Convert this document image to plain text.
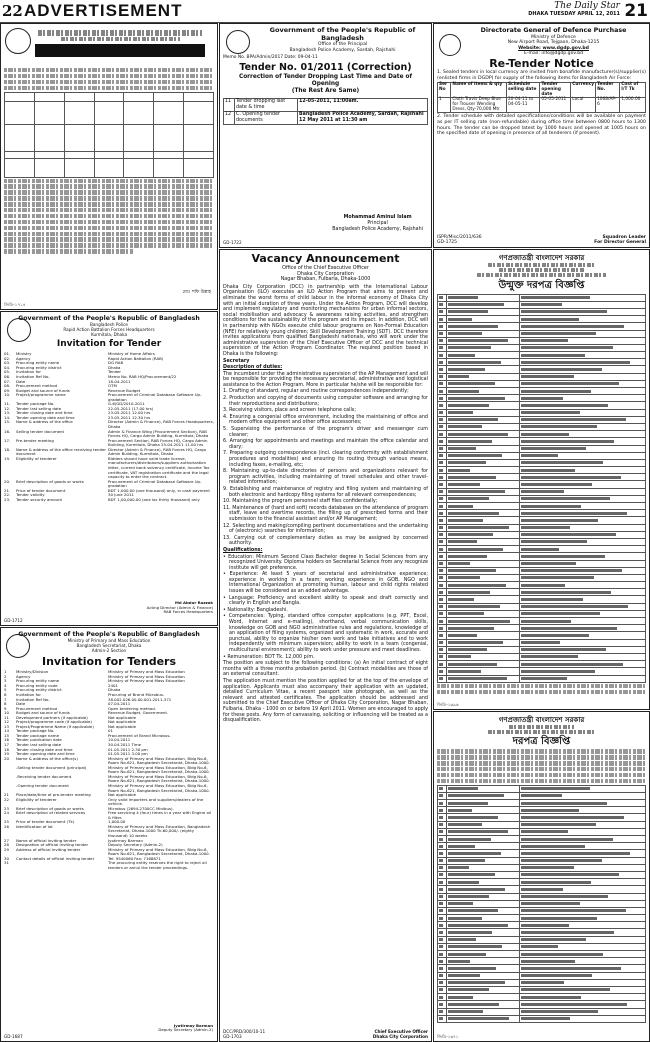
22 ADVERTISEMENT	The Daily Star
DHAKA TUESDAY APRIL 12, 2011 21

মোঃ শফি উল্লাহ
জিডি-১৭১৪
Government of the People's Republic of Bangladesh
Bangladesh Police
Rapid Action Battalion Forces Headquarters
Kurmitola, Dhaka
Invitation for Tender
01.	Ministry	Ministry of Home Affairs
02.	Agency	Rapid Action Battalion (RAB)
03.	Procuring entity name	DG RAB
04.	Procuring entity district	Dhaka
05.	Invitation for	Tender
06.	Invitation Ref No.	Memo No. RAB HQ/Procurement/22
07.	Date	18-04-2011
08.	Procurement method	OTM
09.	Budget and source of funds	Revenue Budget
10.	Project/programme name	Procurement of Criminal Database Software Up-gradation
11.	Tender package No.	G-6/GD/2010-2011
12.	Tender last selling date	22-05-2011 (17.00 hrs)
13.	Tender closing date and time	23-05-2011 12.00 hrs
14.	Tender opening date and time	23-05-2011 12.30 hrs
15.	Name & address of the office	Director (Admin & Finance), RAB Forces Headquarters, Dhaka
16.	Selling tender document	Admin & Finance Wing (Procurement Section), RAB Forces HQ, Cargo Admin Building, Kurmitola, Dhaka
17.	Pre-tender meeting	Procurement Section, RAB Forces HQ, Cargo Admin Building, Kurmitola, Dhaka 25-04-2011 11.00 hrs
18.	Name & address of the office receiving tender document
Director (Admin & Finance), RAB Forces HQ, Cargo Admin Building, Kurmitola, Dhaka
19.	Eligibility of tenderer	Bidders should have valid trade license, manufacturers/distributors/suppliers authorization letter, current bank solvency certificate, Income Tax certificate, VAT registration certificate and the legal capacity to enter the contract.
20.	Brief description of goods or works	Procurement of Criminal Database Software Up-gradation
21.	Price of tender document	BDT 1,000.00 (one thousand) only, in cash payment
22.	Tender validity	30 June 2011
23.	Tender security amount	BDT 1,00,000.00 (one lac thirty thousand) only
Md Abdur Razzak
Acting Director (Admin & Finance)
RAB Forces Headquarters
GD-1712
Government of the People's Republic of Bangladesh
Ministry of Primary and Mass Education
Bangladesh Secretariat, Dhaka
Admin-2 Section
Invitation for Tenders
1	Ministry/Division	Ministry of Primary and Mass Education
2	Agency	Ministry of Primary and Mass Education
3	Procuring entity name	Ministry of Primary and Mass Education
4	Procuring entity code	2401
5	Procuring entity district	Dhaka
6	Invitation for	Procuring of Brand Microbus.
7	Invitation Ref No.	38.002.026.00.00.001.2011-371
8	Date	07.04.2011
9	Procurement method	Open tendering method.
10	Budget and source of funds	Revenue Budget, Government.
11	Development partners (if applicable)	Not applicable
12	Project/programme code (if applicable)	Not applicable
13	Project/Programme Name (if applicable)	Not applicable
14	Tender package No.	01
15	Tender package name	Procurement of Brand Microbus.
16	Tender publication date	10.04.2011
17	Tender last selling date	30.04.2011 Time
18	Tender closing date and time	01.05.2011 2.30 pm
19	Tender opening date and time	01.05.2011 3.00 pm
20	Name & address of the office(s)	Ministry of Primary and Mass Education, Bldg No-6, Room No-621, Bangladesh Secretariat, Dhaka-1000.
-Selling tender document (principal)	Ministry of Primary and Mass Education, Bldg No-6, Room No-621, Bangladesh Secretariat, Dhaka-1000.
-Receiving tender document	Ministry of Primary and Mass Education, Bldg No-6, Room No-621, Bangladesh Secretariat, Dhaka-1000.
-Opening tender document	Ministry of Primary and Mass Education, Bldg No-6, Room No-621, Bangladesh Secretariat, Dhaka-1000.
21	Place/date/time of pre-tender meeting	Not applicable
22	Eligibility of tenderer	Only valid importers and suppliers/dealers of the vehicle.
23	Brief description of goods or works	Microbus (2694-2700CC Minibus).
24	Brief description of related services	Free servicing 4 (four) times in a year with Engine oil & filter.
25	Price of tender document (Tk)	1,000.00
26	Identification of lot	Ministry of Primary and Mass Education, Bangladesh Secretariat, Dhaka-1000 Tk.60,000/- (eighty thousand) 10 weeks
27	Name of official inviting tender	Jyotirmay Barman
28	Designation of official inviting tender	Deputy Secretary (Admin-2)
29	Address of official inviting tender	Ministry of Primary and Mass Education, Bldg No-6, Room No-621, Bangladesh Secretariat, Dhaka-1000.
30	Contact details of official inviting tender	Tel: 9540060 Fax: 7168871
31	The procuring entity reserves the right to reject all tenders or annul the tender proceedings.
Jyotirmay Barman
Deputy Secretary (Admin-2)
GD-1687
Government of the People's Republic of Bangladesh
Office of the Principal
Bangladesh Police Academy, Sardah, Rajshahi
Memo No. BPA/Admin/2017 Date: 09-04-11
Tender No. 01/2011 (Correction)
Correction of Tender Dropping Last Time and Date of Opening
(The Rest Are Same)
11	Tender dropping last date & time	12-05-2011, 11:00am.
12	C. Opening tender documents	Bangladesh Police Academy, Sardah, Rajshahi 12 May 2011 at 11:30 am
Mohammad Aminul Islam
Principal
Bangladesh Police Academy, Rajshahi
GD-1722
Vacancy Announcement
Office of the Chief Executive Officer
Dhaka City Corporation
Nagar Bhaban, Fulbaria, Dhaka-1000

Dhaka City Corporation (DCC) in partnership with the International Labour Organisation (ILO) executes an ILO Action Program that aims to prevent and eliminate the worst forms of child labour in the informal economy of Dhaka City with an initial duration of three years. Under the Action Program, DCC will develop and implement regulatory and monitoring mechanisms for urban informal sectors, social mobilisation and advocacy & awareness raising activities, and strengthen conditions for the sustainability of the program and its impact. In addition, DCC will in partnership with NGOs execute child labour programs on Non-Formal Education (NFE) for relatively young children; Skill Development Training (SDT). DCC therefore invites applications from qualified Bangladeshi nationals, who will work under the administrative supervision of the Chief Executive Officer of DCC and the technical supervision of the Action Program Coordinator. The required position based in Dhaka is the following:

Secretary

Description of duties:

The incumbent under the administrative supervision of the AP Management and will be responsible for providing the necessary secretarial, administrative and logistical assistance to the Action Program. More in particular he/she will be responsible for:

1. Drafting of standard, regular and routine correspondences independently;

2. Production and copying of documents using computer software and arranging for their reproductions and distributions;

3. Receiving visitors, place and screen telephone calls;

4. Ensuring a congenial office environment, including the maintaining of office and modern office equipment and other office accessories;

5. Supervising the performance of the program's driver and messenger cum cleaner;

6. Arranging for appointments and meetings and maintain the office calendar and diary;

7. Preparing outgoing correspondence (incl. clearing conformity with establishment procedures and modalities) and ensuring its routing through various means, including faxes, e-mailing, etc;

8. Maintaining up-to-date directories of persons and organizations relevant for program activities, including maintaining of travel schedules and other travel-related information;

9. Establishing and maintenance of registry and filing system and maintaining of both electronic and hardcopy filing systems for all relevant correspondences;

10. Maintaining the program personnel staff files confidentially;

11. Maintenance of (hard and soft) records databases on the attendance of program staff, leave and overtime records, the filling up of prescribed forms and their submission to the financial assistant and/or AP Management;

12. Selecting and making/compiling pertinent documentations and the undertaking of (electronic) searches for information;

13. Carrying out of complementary duties as may be assigned by concerned authority.

Qualifications:

• Education: Minimum Second Class Bachelor degree in Social Sciences from any recognized University. Diploma holders on Secretarial Science from any recognize institute will get preference.

• Experience: At least 5 years of secretarial and administrative experience; experience in working in a team; working experience in GOB, NGO and International Organization at promoting human, labour and child rights related issues will be considered as an added advantage.

• Language: Proficiency and excellent ability to speak and draft correctly and clearly in English and Bangla.

• Nationality: Bangladeshi.

• Competencies: Typing, standard office computer applications (e.g. PPT, Excel, Word, Internet and e-mailing), shorthand, verbal communication skills, knowledge on GOB and NGO administrative rules and regulations, knowledge of an application of filing systems, organized and systematic in work, accurate and punctual, ability to organize his/her own work and take initiatives and to work independently with minimum supervision; ability to work in a team (congenial, multicultural environment); ability to work under pressure and meet deadlines.

• Remuneration: BDT Tk. 12,000 p/m.

The position are subject to the following conditions: (a) An initial contract of eight months with a three months probation period. (b) Contract modalities are those of an external consultant.

The application must mention the position applied for at the top of the envelope of application. Applicants must also accompany their application with an updated, detailed Curriculum Vitae, a recent passport size photograph, as well as the relevant and attested certificates. The application should be addressed and submitted to the Chief Executive Officer of Dhaka City Corporation, Nagar Bhaban, Fulbaria, Dhaka - 1000 on or before 19 April 2011. Women are encouraged to apply for these posts. Any form of canvassing, soliciting or influencing will be treated as a disqualification.

DCC/PRD/300/10-11
GD-1703
Chief Executive Officer
Dhaka City Corporation
Directorate General of Defence Purchase
Ministry of Defence
New Airport Road, Tejgaon, Dhaka-1215
Website: www.dgdp.gov.bd
E-mail: info@dgdp.gov.bd
Re-Tender Notice

1. Sealed tenders in local currency are invited from bonafide manufacturer(s)/supplier(s) (enlisted firms in DGDP) for supply of the following items for Bangladesh Air Force:

Ser No	Name of items & qty	Schedule selling date	Tender opening date	Currency	Tender No.	Cost of I/T Tk
1	Cloth Travis Deep Blue for Trouser Wending Dress, Qty-70,000 Mtr	20-04-11 to 04-05-11	05-05-2011	Local	1068/AP-6	1,000.00

2. Tender schedule with detailed specifications/conditions will be available on payment as per IT selling rate (non-refundable) during office time between 0800 hours to 1300 hours. The tender can be dropped latest by 1000 hours and opened at 1005 hours on the specified date of opening in presence of all tenderers (if present).

ISPR/Misc/2011/636
GD-1725
Squadron Leader
For Director General
গণপ্রজাতন্ত্রী বাংলাদেশ সরকার
উন্মুক্ত দরপত্র বিজ্ঞপ্তি

জিডি-১৬৯৬
গণপ্রজাতন্ত্রী বাংলাদেশ সরকার
দরপত্র বিজ্ঞপ্তি

জিডি-১৬৭১
